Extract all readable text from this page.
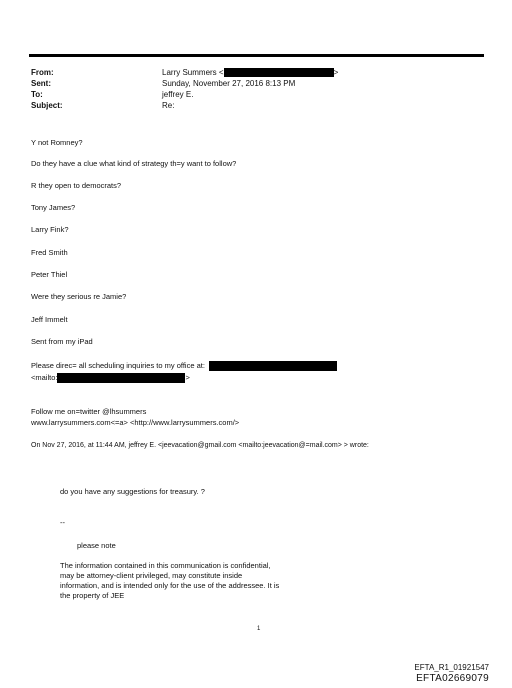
From:	Larry Summers <	>
Sent:	Sunday, November 27, 2016 8:13 PM
To:	jeffrey E.
Subject:	Re:
Y not Romney?
Do they have a clue what kind of strategy th=y want to follow?
R they open to democrats?
Tony James?
Larry Fink?
Fred Smith
Peter Thiel
Were they serious re Jamie?
Jeff Immelt
Sent from my iPad
Please direc= all scheduling inquiries to my office at:
<mailto:	>
Follow me on=twitter @lhsummers
www.larrysummers.com<=a> <http://www.larrysummers.com/>
On Nov 27, 2016, at 11:44 AM, jeffrey E. <jeevacation@gmail.com <mailto:jeevacation@=mail.com> > wrote:
do you have any suggestions for treasury. ?
--
please note
The information contained in this communication is confidential, may be attorney-client privileged, may constitute inside information, and is intended only for the use of the addressee. It is the property of JEE
1
EFTA_R1_01921547
EFTA02669079
